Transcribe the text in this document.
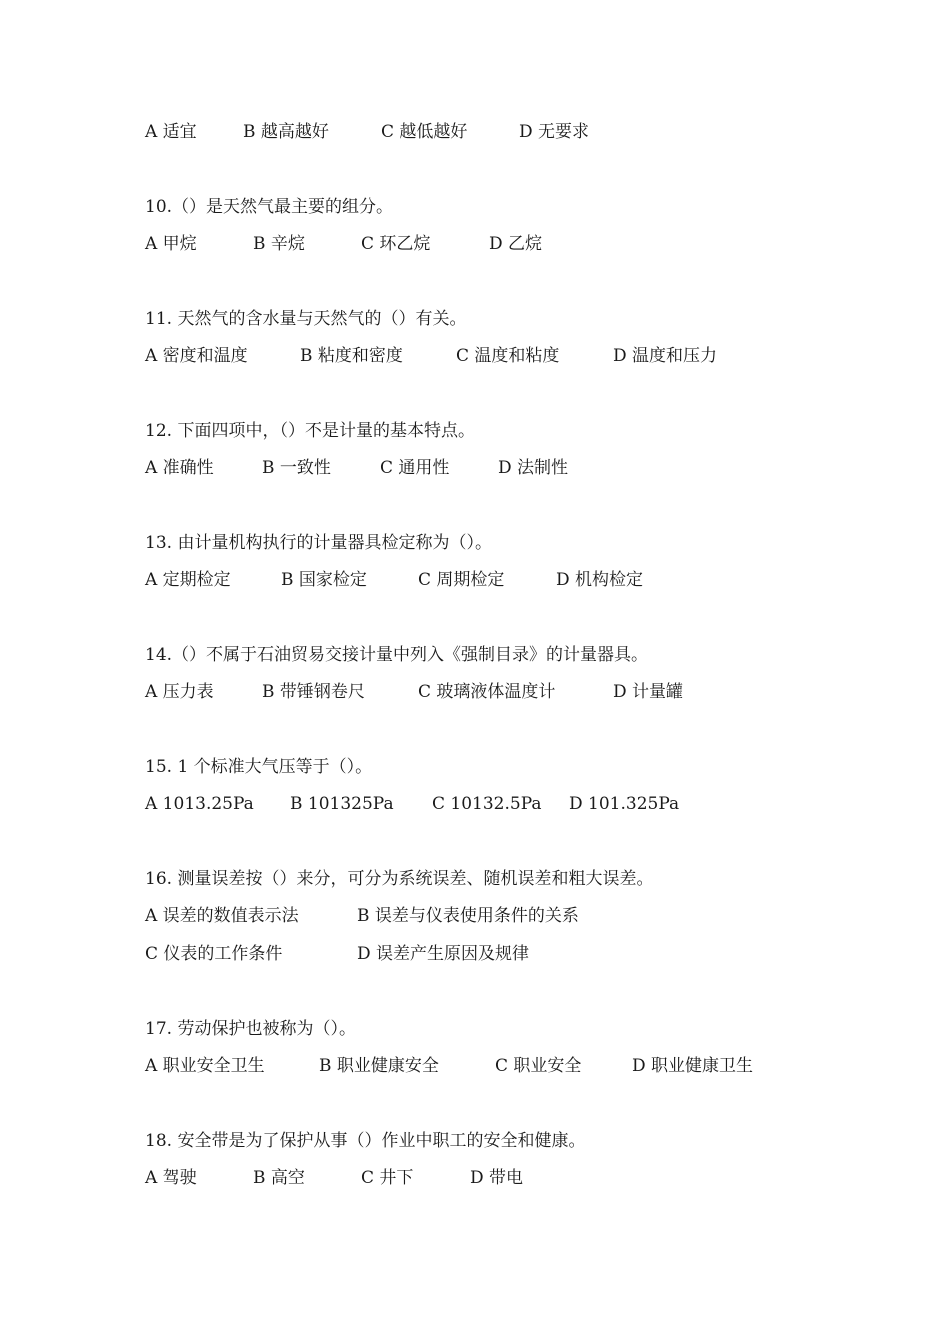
A 适宜	B 越高越好	C 越低越好	D 无要求
10.（）是天然气最主要的组分。
A 甲烷	B 辛烷	C 环乙烷	D 乙烷
11. 天然气的含水量与天然气的（）有关。
A 密度和温度	B 粘度和密度	C 温度和粘度	D 温度和压力
12. 下面四项中，（）不是计量的基本特点。
A 准确性	B 一致性	C 通用性	D 法制性
13. 由计量机构执行的计量器具检定称为（）。
A 定期检定	B 国家检定	C 周期检定	D 机构检定
14.（）不属于石油贸易交接计量中列入《强制目录》的计量器具。
A 压力表	B 带锤钢卷尺	C 玻璃液体温度计	D 计量罐
15. 1 个标准大气压等于（）。
A 1013.25Pa B 101325Pa C 10132.5Pa D 101.325Pa
16. 测量误差按（）来分，可分为系统误差、随机误差和粗大误差。
A 误差的数值表示法	B 误差与仪表使用条件的关系
C 仪表的工作条件	D 误差产生原因及规律
17. 劳动保护也被称为（）。
A 职业安全卫生	B 职业健康安全	C 职业安全	D 职业健康卫生
18. 安全带是为了保护从事（）作业中职工的安全和健康。
A 驾驶	B 高空	C 井下	D 带电
